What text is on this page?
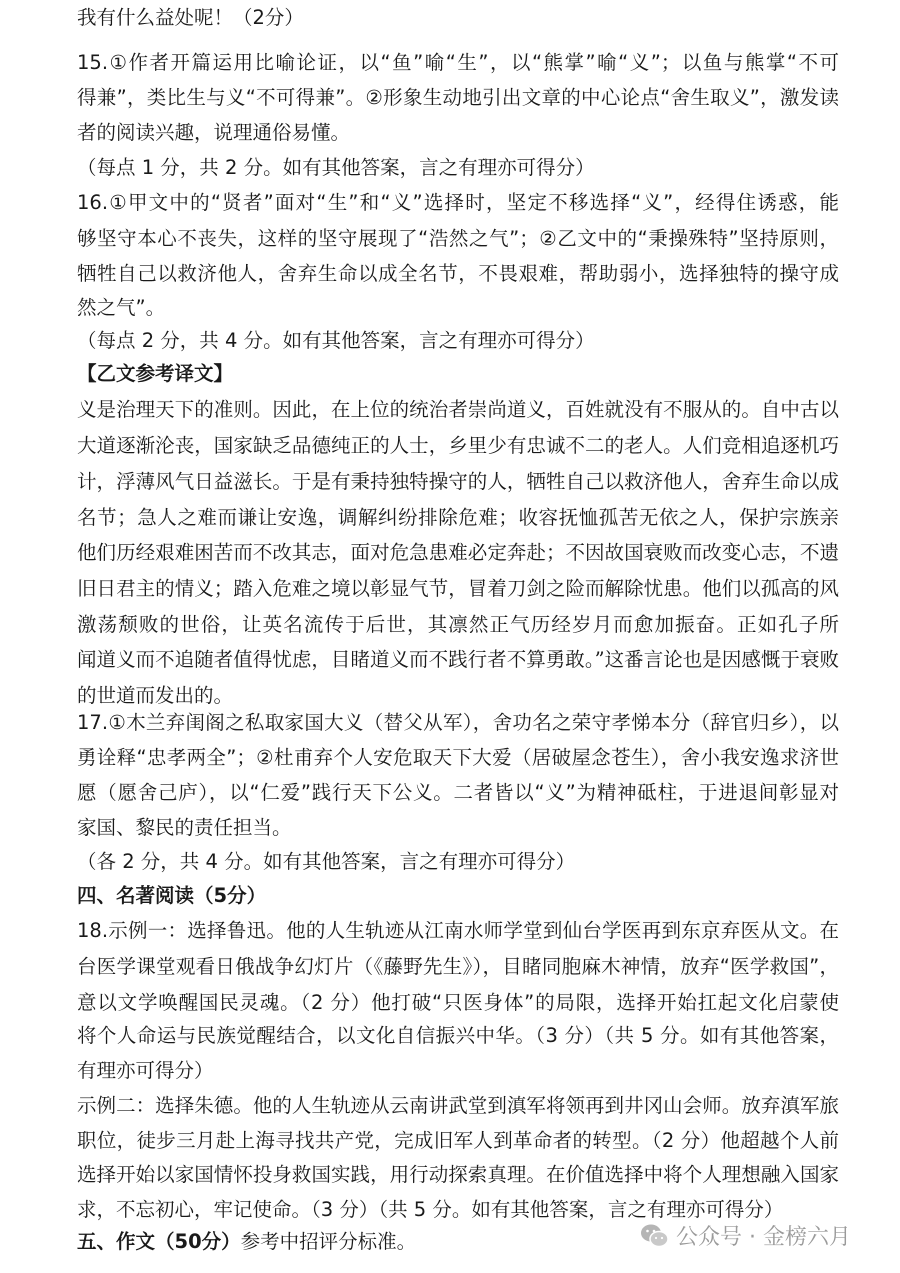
我有什么益处呢！（2分）
15.①作者开篇运用比喻论证，以“鱼”喻“生”，以“熊掌”喻“义”；以鱼与熊掌“不可
得兼”，类比生与义“不可得兼”。②形象生动地引出文章的中心论点“舍生取义”，激发读
者的阅读兴趣，说理通俗易懂。
（每点 1 分，共 2 分。如有其他答案，言之有理亦可得分）
16.①甲文中的“贤者”面对“生”和“义”选择时，坚定不移选择“义”，经得住诱惑，能
够坚守本心不丧失，这样的坚守展现了“浩然之气”；②乙文中的“秉操殊特”坚持原则，
牺牲自己以救济他人，舍弃生命以成全名节，不畏艰难，帮助弱小，选择独特的操守成
然之气”。
（每点 2 分，共 4 分。如有其他答案，言之有理亦可得分）
【乙文参考译文】
义是治理天下的准则。因此，在上位的统治者崇尚道义，百姓就没有不服从的。自中古以
大道逐渐沦丧，国家缺乏品德纯正的人士，乡里少有忠诚不二的老人。人们竞相追逐机巧
计，浮薄风气日益滋长。于是有秉持独特操守的人，牺牲自己以救济他人，舍弃生命以成
名节；急人之难而谦让安逸，调解纠纷排除危难；收容抚恤孤苦无依之人，保护宗族亲
他们历经艰难困苦而不改其志，面对危急患难必定奔赴；不因故国衰败而改变心志，不遗
旧日君主的情义；踏入危难之境以彰显气节，冒着刀剑之险而解除忧患。他们以孤高的风
激荡颓败的世俗，让英名流传于后世，其凛然正气历经岁月而愈加振奋。正如孔子所
闻道义而不追随者值得忧虑，目睹道义而不践行者不算勇敢。”这番言论也是因感慨于衰败
的世道而发出的。
17.①木兰弃闺阁之私取家国大义（替父从军），舍功名之荣守孝悌本分（辞官归乡），以
勇诠释“忠孝两全”；②杜甫弃个人安危取天下大爱（居破屋念苍生），舍小我安逸求济世
愿（愿舍己庐），以“仁爱”践行天下公义。二者皆以“义”为精神砥柱，于进退间彰显对
家国、黎民的责任担当。
（各 2 分，共 4 分。如有其他答案，言之有理亦可得分）
四、名著阅读（5分）
18.示例一：选择鲁迅。他的人生轨迹从江南水师学堂到仙台学医再到东京弃医从文。在
台医学课堂观看日俄战争幻灯片（《藤野先生》），目睹同胞麻木神情，放弃“医学救国”，
意以文学唤醒国民灵魂。（2 分）他打破“只医身体”的局限，选择开始扛起文化启蒙使
将个人命运与民族觉醒结合，以文化自信振兴中华。（3 分）（共 5 分。如有其他答案，
有理亦可得分）
示例二：选择朱德。他的人生轨迹从云南讲武堂到滇军将领再到井冈山会师。放弃滇军旅
职位，徒步三月赴上海寻找共产党，完成旧军人到革命者的转型。（2 分）他超越个人前
选择开始以家国情怀投身救国实践，用行动探索真理。在价值选择中将个人理想融入国家
求，不忘初心，牢记使命。（3 分）（共 5 分。如有其他答案，言之有理亦可得分）
五、作文（50分）参考中招评分标准。	公众号 · 金榜六月
